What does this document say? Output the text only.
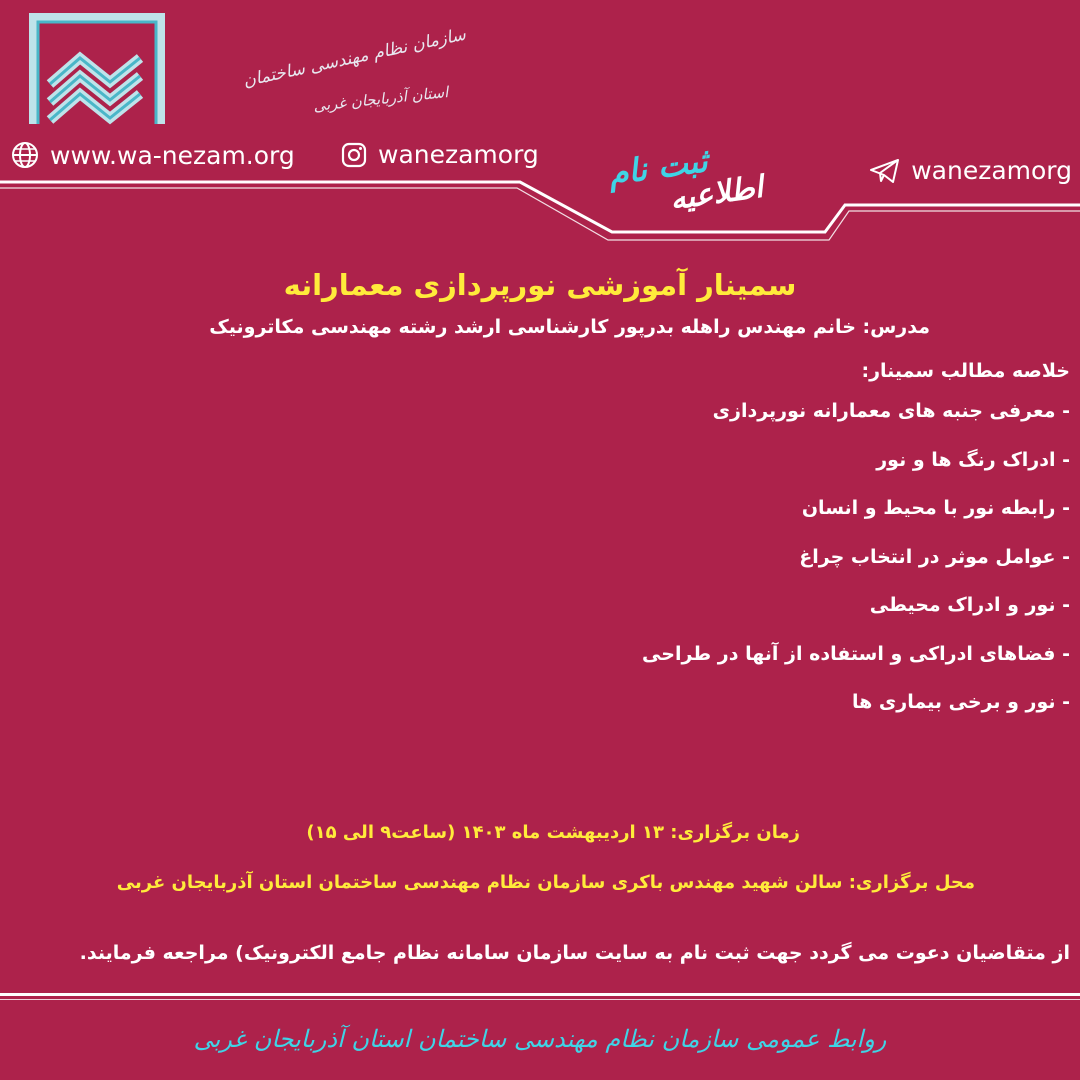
سازمان نظام مهندسی ساختمان
استان آذربایجان غربی
www.wa-nezam.org	wanezamorg
wanezamorg
اطلاعیه
ثبت نام
سمینار آموزشی نورپردازی معمارانه
مدرس: خانم مهندس راهله بدرپور کارشناسی ارشد رشته مهندسی مکاترونیک
خلاصه مطالب سمینار:
- معرفی جنبه های معمارانه نورپردازی
- ادراک رنگ ها و نور
- رابطه نور با محیط و انسان
- عوامل موثر در انتخاب چراغ
- نور و ادراک محیطی
- فضاهای ادراکی و استفاده از آنها در طراحی
- نور و برخی بیماری ها
زمان برگزاری: ۱۳ اردیبهشت ماه ۱۴۰۳ (ساعت۹ الی ۱۵)
محل برگزاری: سالن شهید مهندس باکری سازمان نظام مهندسی ساختمان استان آذربایجان غربی
از متقاضیان دعوت می گردد جهت ثبت نام به سایت سازمان سامانه نظام جامع الکترونیک) مراجعه فرمایند.
روابط عمومی سازمان نظام مهندسی ساختمان استان آذربایجان غربی
